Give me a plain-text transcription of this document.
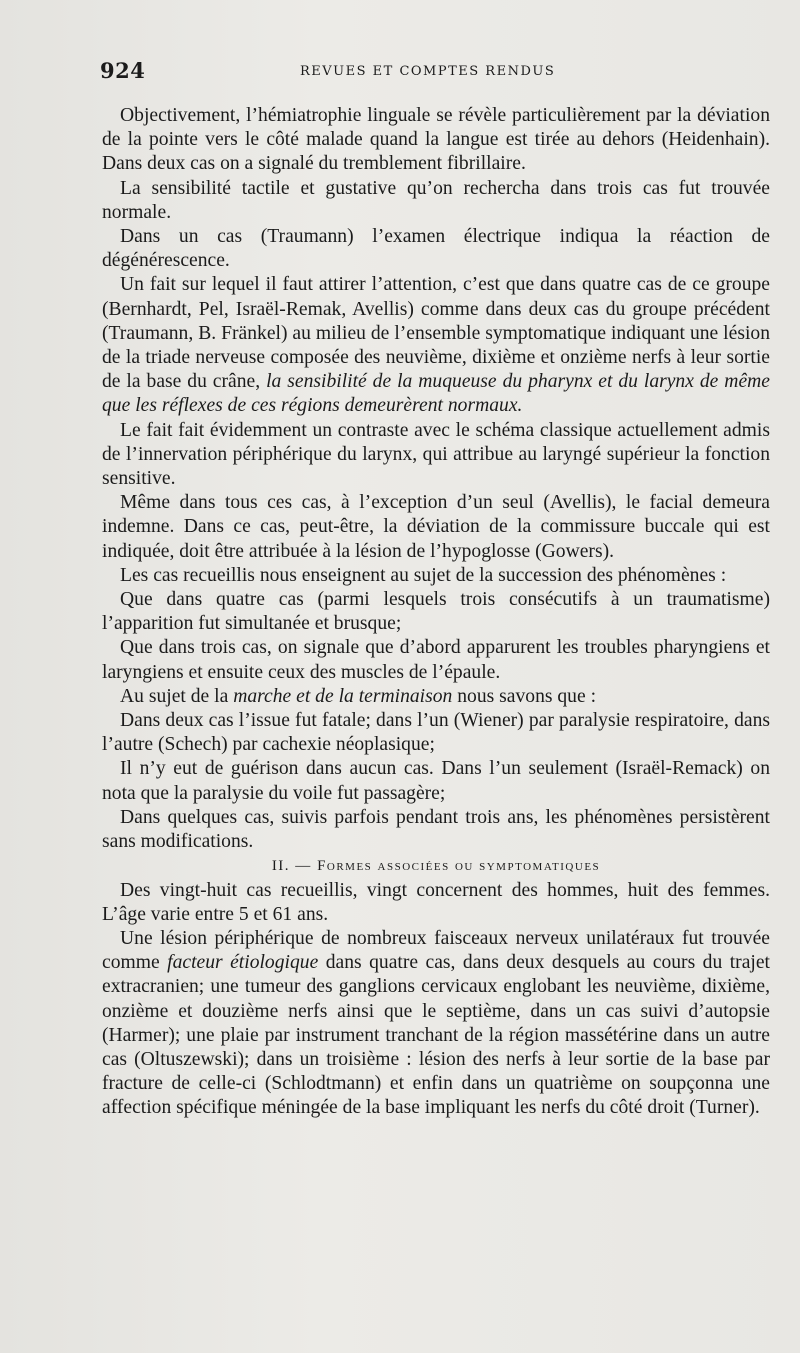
924	REVUES ET COMPTES RENDUS

Objectivement, l’hémiatrophie linguale se révèle particulièrement par la déviation de la pointe vers le côté malade quand la langue est tirée au dehors (Heidenhain). Dans deux cas on a signalé du tremblement fibrillaire.

La sensibilité tactile et gustative qu’on rechercha dans trois cas fut trouvée normale.

Dans un cas (Traumann) l’examen électrique indiqua la réaction de dégénérescence.

Un fait sur lequel il faut attirer l’attention, c’est que dans quatre cas de ce groupe (Bernhardt, Pel, Israël-Remak, Avellis) comme dans deux cas du groupe précédent (Traumann, B. Fränkel) au milieu de l’ensemble symptomatique indiquant une lésion de la triade nerveuse composée des neuvième, dixième et onzième nerfs à leur sortie de la base du crâne, la sensibilité de la muqueuse du pharynx et du larynx de même que les réflexes de ces régions demeurèrent normaux.

Le fait fait évidemment un contraste avec le schéma classique actuellement admis de l’innervation périphérique du larynx, qui attribue au laryngé supérieur la fonction sensitive.

Même dans tous ces cas, à l’exception d’un seul (Avellis), le facial demeura indemne. Dans ce cas, peut-être, la déviation de la commissure buccale qui est indiquée, doit être attribuée à la lésion de l’hypoglosse (Gowers).

Les cas recueillis nous enseignent au sujet de la succession des phénomènes :

Que dans quatre cas (parmi lesquels trois consécutifs à un traumatisme) l’apparition fut simultanée et brusque;

Que dans trois cas, on signale que d’abord apparurent les troubles pharyngiens et laryngiens et ensuite ceux des muscles de l’épaule.

Au sujet de la marche et de la terminaison nous savons que :

Dans deux cas l’issue fut fatale; dans l’un (Wiener) par paralysie respiratoire, dans l’autre (Schech) par cachexie néoplasique;

Il n’y eut de guérison dans aucun cas. Dans l’un seulement (Israël-Remack) on nota que la paralysie du voile fut passagère;

Dans quelques cas, suivis parfois pendant trois ans, les phénomènes persistèrent sans modifications.

II. — Formes associées ou symptomatiques

Des vingt-huit cas recueillis, vingt concernent des hommes, huit des femmes. L’âge varie entre 5 et 61 ans.

Une lésion périphérique de nombreux faisceaux nerveux unilatéraux fut trouvée comme facteur étiologique dans quatre cas, dans deux desquels au cours du trajet extracranien; une tumeur des ganglions cervicaux englobant les neuvième, dixième, onzième et douzième nerfs ainsi que le septième, dans un cas suivi d’autopsie (Harmer); une plaie par instrument tranchant de la région massétérine dans un autre cas (Oltuszewski); dans un troisième : lésion des nerfs à leur sortie de la base par fracture de celle-ci (Schlodtmann) et enfin dans un quatrième on soupçonna une affection spécifique méningée de la base impliquant les nerfs du côté droit (Turner).
